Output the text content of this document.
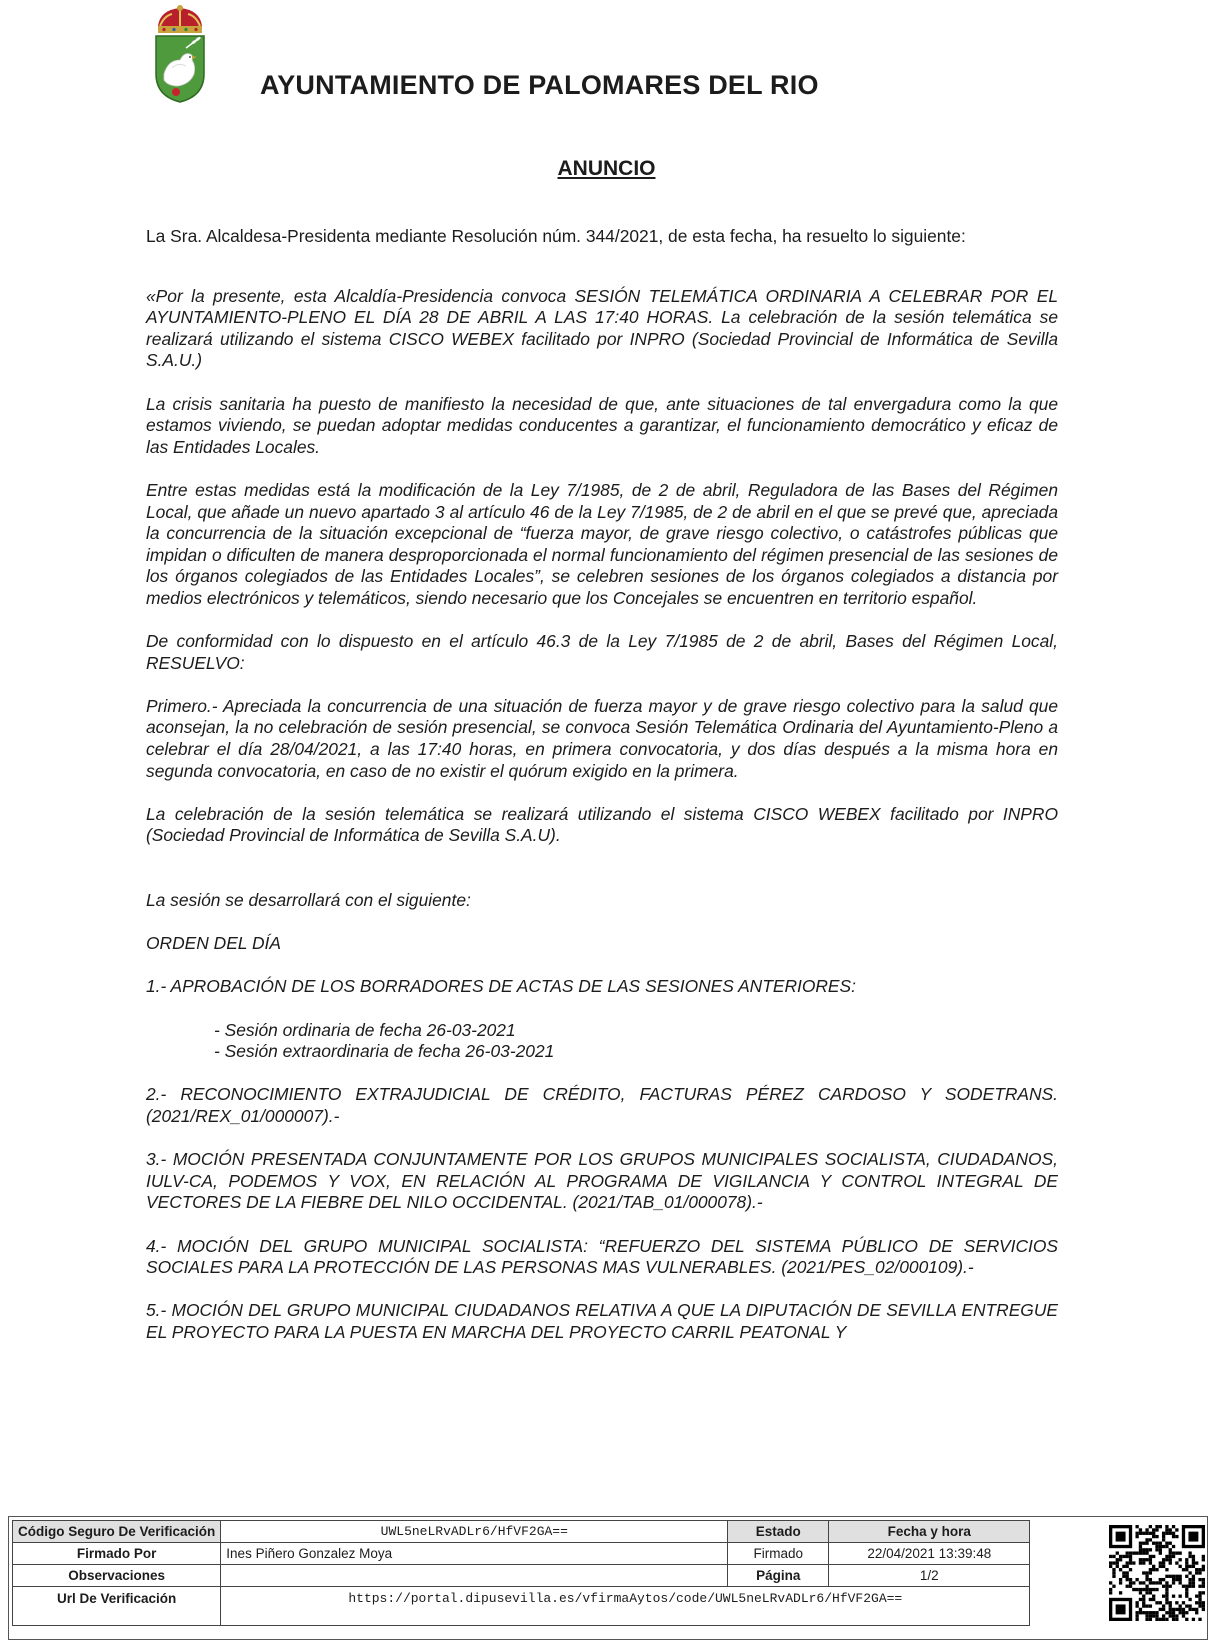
AYUNTAMIENTO DE PALOMARES DEL RIO
ANUNCIO

La Sra. Alcaldesa-Presidenta mediante Resolución núm. 344/2021, de esta fecha, ha resuelto lo siguiente:

«Por la presente, esta Alcaldía-Presidencia convoca SESIÓN TELEMÁTICA ORDINARIA A CELEBRAR POR EL AYUNTAMIENTO-PLENO EL DÍA 28 DE ABRIL A LAS 17:40 HORAS. La celebración de la sesión telemática se realizará utilizando el sistema CISCO WEBEX facilitado por INPRO (Sociedad Provincial de Informática de Sevilla S.A.U.)

La crisis sanitaria ha puesto de manifiesto la necesidad de que, ante situaciones de tal envergadura como la que estamos viviendo, se puedan adoptar medidas conducentes a garantizar, el funcionamiento democrático y eficaz de las Entidades Locales.

Entre estas medidas está la modificación de la Ley 7/1985, de 2 de abril, Reguladora de las Bases del Régimen Local, que añade un nuevo apartado 3 al artículo 46 de la Ley 7/1985, de 2 de abril en el que se prevé que, apreciada la concurrencia de la situación excepcional de “fuerza mayor, de grave riesgo colectivo, o catástrofes públicas que impidan o dificulten de manera desproporcionada el normal funcionamiento del régimen presencial de las sesiones de los órganos colegiados de las Entidades Locales”, se celebren sesiones de los órganos colegiados a distancia por medios electrónicos y telemáticos, siendo necesario que los Concejales se encuentren en territorio español.

De conformidad con lo dispuesto en el artículo 46.3 de la Ley 7/1985 de 2 de abril, Bases del Régimen Local, RESUELVO:

Primero.- Apreciada la concurrencia de una situación de fuerza mayor y de grave riesgo colectivo para la salud que aconsejan, la no celebración de sesión presencial, se convoca Sesión Telemática Ordinaria del Ayuntamiento-Pleno a celebrar el día 28/04/2021, a las 17:40 horas, en primera convocatoria, y dos días después a la misma hora en segunda convocatoria, en caso de no existir el quórum exigido en la primera.

La celebración de la sesión telemática se realizará utilizando el sistema CISCO WEBEX facilitado por INPRO (Sociedad Provincial de Informática de Sevilla S.A.U).

La sesión se desarrollará con el siguiente:

ORDEN DEL DÍA

1.- APROBACIÓN DE LOS BORRADORES DE ACTAS DE LAS SESIONES ANTERIORES:

- Sesión ordinaria de fecha 26-03-2021
- Sesión extraordinaria de fecha 26-03-2021

2.- RECONOCIMIENTO EXTRAJUDICIAL DE CRÉDITO, FACTURAS PÉREZ CARDOSO Y SODETRANS. (2021/REX_01/000007).-

3.- MOCIÓN PRESENTADA CONJUNTAMENTE POR LOS GRUPOS MUNICIPALES SOCIALISTA, CIUDADANOS, IULV-CA, PODEMOS Y VOX, EN RELACIÓN AL PROGRAMA DE VIGILANCIA Y CONTROL INTEGRAL DE VECTORES DE LA FIEBRE DEL NILO OCCIDENTAL. (2021/TAB_01/000078).-

4.- MOCIÓN DEL GRUPO MUNICIPAL SOCIALISTA: “REFUERZO DEL SISTEMA PÚBLICO DE SERVICIOS SOCIALES PARA LA PROTECCIÓN DE LAS PERSONAS MAS VULNERABLES. (2021/PES_02/000109).-

5.- MOCIÓN DEL GRUPO MUNICIPAL CIUDADANOS RELATIVA A QUE LA DIPUTACIÓN DE SEVILLA ENTREGUE EL PROYECTO PARA LA PUESTA EN MARCHA DEL PROYECTO CARRIL PEATONAL Y

Código Seguro De Verificación	UWL5neLRvADLr6/HfVF2GA==	Estado	Fecha y hora
Firmado Por	Ines Piñero Gonzalez Moya	Firmado	22/04/2021 13:39:48
Observaciones		Página	1/2
Url De Verificación	https://portal.dipusevilla.es/vfirmaAytos/code/UWL5neLRvADLr6/HfVF2GA==		
